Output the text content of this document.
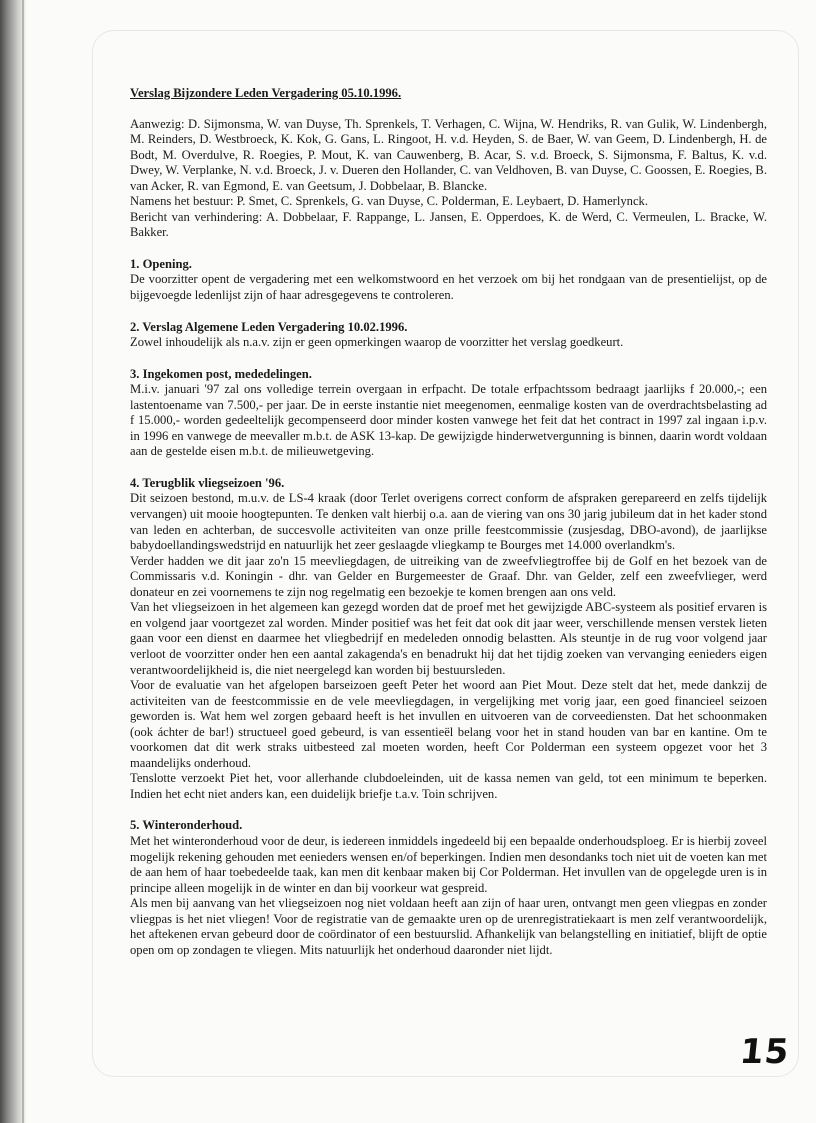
Verslag Bijzondere Leden Vergadering 05.10.1996.

Aanwezig: D. Sijmonsma, W. van Duyse, Th. Sprenkels, T. Verhagen, C. Wijna, W. Hendriks, R. van Gulik, W. Lindenbergh, M. Reinders, D. Westbroeck, K. Kok, G. Gans, L. Ringoot, H. v.d. Heyden, S. de Baer, W. van Geem, D. Lindenbergh, H. de Bodt, M. Overdulve, R. Roegies, P. Mout, K. van Cauwenberg, B. Acar, S. v.d. Broeck, S. Sijmonsma, F. Baltus, K. v.d. Dwey, W. Verplanke, N. v.d. Broeck, J. v. Dueren den Hollander, C. van Veldhoven, B. van Duyse, C. Goossen, E. Roegies, B. van Acker, R. van Egmond, E. van Geetsum, J. Dobbelaar, B. Blancke.

Namens het bestuur: P. Smet, C. Sprenkels, G. van Duyse, C. Polderman, E. Leybaert, D. Hamerlynck.

Bericht van verhindering: A. Dobbelaar, F. Rappange, L. Jansen, E. Opperdoes, K. de Werd, C. Vermeulen, L. Bracke, W. Bakker.

1. Opening.

De voorzitter opent de vergadering met een welkomstwoord en het verzoek om bij het rondgaan van de presentielijst, op de bijgevoegde ledenlijst zijn of haar adresgegevens te controleren.

2. Verslag Algemene Leden Vergadering 10.02.1996.

Zowel inhoudelijk als n.a.v. zijn er geen opmerkingen waarop de voorzitter het verslag goedkeurt.

3. Ingekomen post, mededelingen.

M.i.v. januari '97 zal ons volledige terrein overgaan in erfpacht. De totale erfpachtssom bedraagt jaarlijks f 20.000,-; een lastentoename van 7.500,- per jaar. De in eerste instantie niet meegenomen, eenmalige kosten van de overdrachtsbelasting ad f 15.000,- worden gedeeltelijk gecompenseerd door minder kosten vanwege het feit dat het contract in 1997 zal ingaan i.p.v. in 1996 en vanwege de meevaller m.b.t. de ASK 13-kap. De gewijzigde hinderwetvergunning is binnen, daarin wordt voldaan aan de gestelde eisen m.b.t. de milieuwetgeving.

4. Terugblik vliegseizoen '96.

Dit seizoen bestond, m.u.v. de LS-4 kraak (door Terlet overigens correct conform de afspraken gerepareerd en zelfs tijdelijk vervangen) uit mooie hoogtepunten. Te denken valt hierbij o.a. aan de viering van ons 30 jarig jubileum dat in het kader stond van leden en achterban, de succesvolle activiteiten van onze prille feestcommissie (zusjesdag, DBO-avond), de jaarlijkse babydoellandingswedstrijd en natuurlijk het zeer geslaagde vliegkamp te Bourges met 14.000 overlandkm's.

Verder hadden we dit jaar zo'n 15 meevliegdagen, de uitreiking van de zweefvliegtroffee bij de Golf en het bezoek van de Commissaris v.d. Koningin - dhr. van Gelder en Burgemeester de Graaf. Dhr. van Gelder, zelf een zweefvlieger, werd donateur en zei voornemens te zijn nog regelmatig een bezoekje te komen brengen aan ons veld.

Van het vliegseizoen in het algemeen kan gezegd worden dat de proef met het gewijzigde ABC-systeem als positief ervaren is en volgend jaar voortgezet zal worden. Minder positief was het feit dat ook dit jaar weer, verschillende mensen verstek lieten gaan voor een dienst en daarmee het vliegbedrijf en medeleden onnodig belastten. Als steuntje in de rug voor volgend jaar verloot de voorzitter onder hen een aantal zakagenda's en benadrukt hij dat het tijdig zoeken van vervanging eenieders eigen verantwoordelijkheid is, die niet neergelegd kan worden bij bestuursleden.

Voor de evaluatie van het afgelopen barseizoen geeft Peter het woord aan Piet Mout. Deze stelt dat het, mede dankzij de activiteiten van de feestcommissie en de vele meevliegdagen, in vergelijking met vorig jaar, een goed financieel seizoen geworden is. Wat hem wel zorgen gebaard heeft is het invullen en uitvoeren van de corveediensten. Dat het schoonmaken (ook áchter de bar!) structueel goed gebeurd, is van essentieël belang voor het in stand houden van bar en kantine. Om te voorkomen dat dit werk straks uitbesteed zal moeten worden, heeft Cor Polderman een systeem opgezet voor het 3 maandelijks onderhoud.

Tenslotte verzoekt Piet het, voor allerhande clubdoeleinden, uit de kassa nemen van geld, tot een minimum te beperken. Indien het echt niet anders kan, een duidelijk briefje t.a.v. Toin schrijven.

5. Winteronderhoud.

Met het winteronderhoud voor de deur, is iedereen inmiddels ingedeeld bij een bepaalde onderhoudsploeg. Er is hierbij zoveel mogelijk rekening gehouden met eenieders wensen en/of beperkingen. Indien men desondanks toch niet uit de voeten kan met de aan hem of haar toebedeelde taak, kan men dit kenbaar maken bij Cor Polderman. Het invullen van de opgelegde uren is in principe alleen mogelijk in de winter en dan bij voorkeur wat gespreid.

Als men bij aanvang van het vliegseizoen nog niet voldaan heeft aan zijn of haar uren, ontvangt men geen vliegpas en zonder vliegpas is het niet vliegen! Voor de registratie van de gemaakte uren op de urenregistratiekaart is men zelf verantwoordelijk, het aftekenen ervan gebeurd door de coördinator of een bestuurslid. Afhankelijk van belangstelling en initiatief, blijft de optie open om op zondagen te vliegen. Mits natuurlijk het onderhoud daaronder niet lijdt.

15
